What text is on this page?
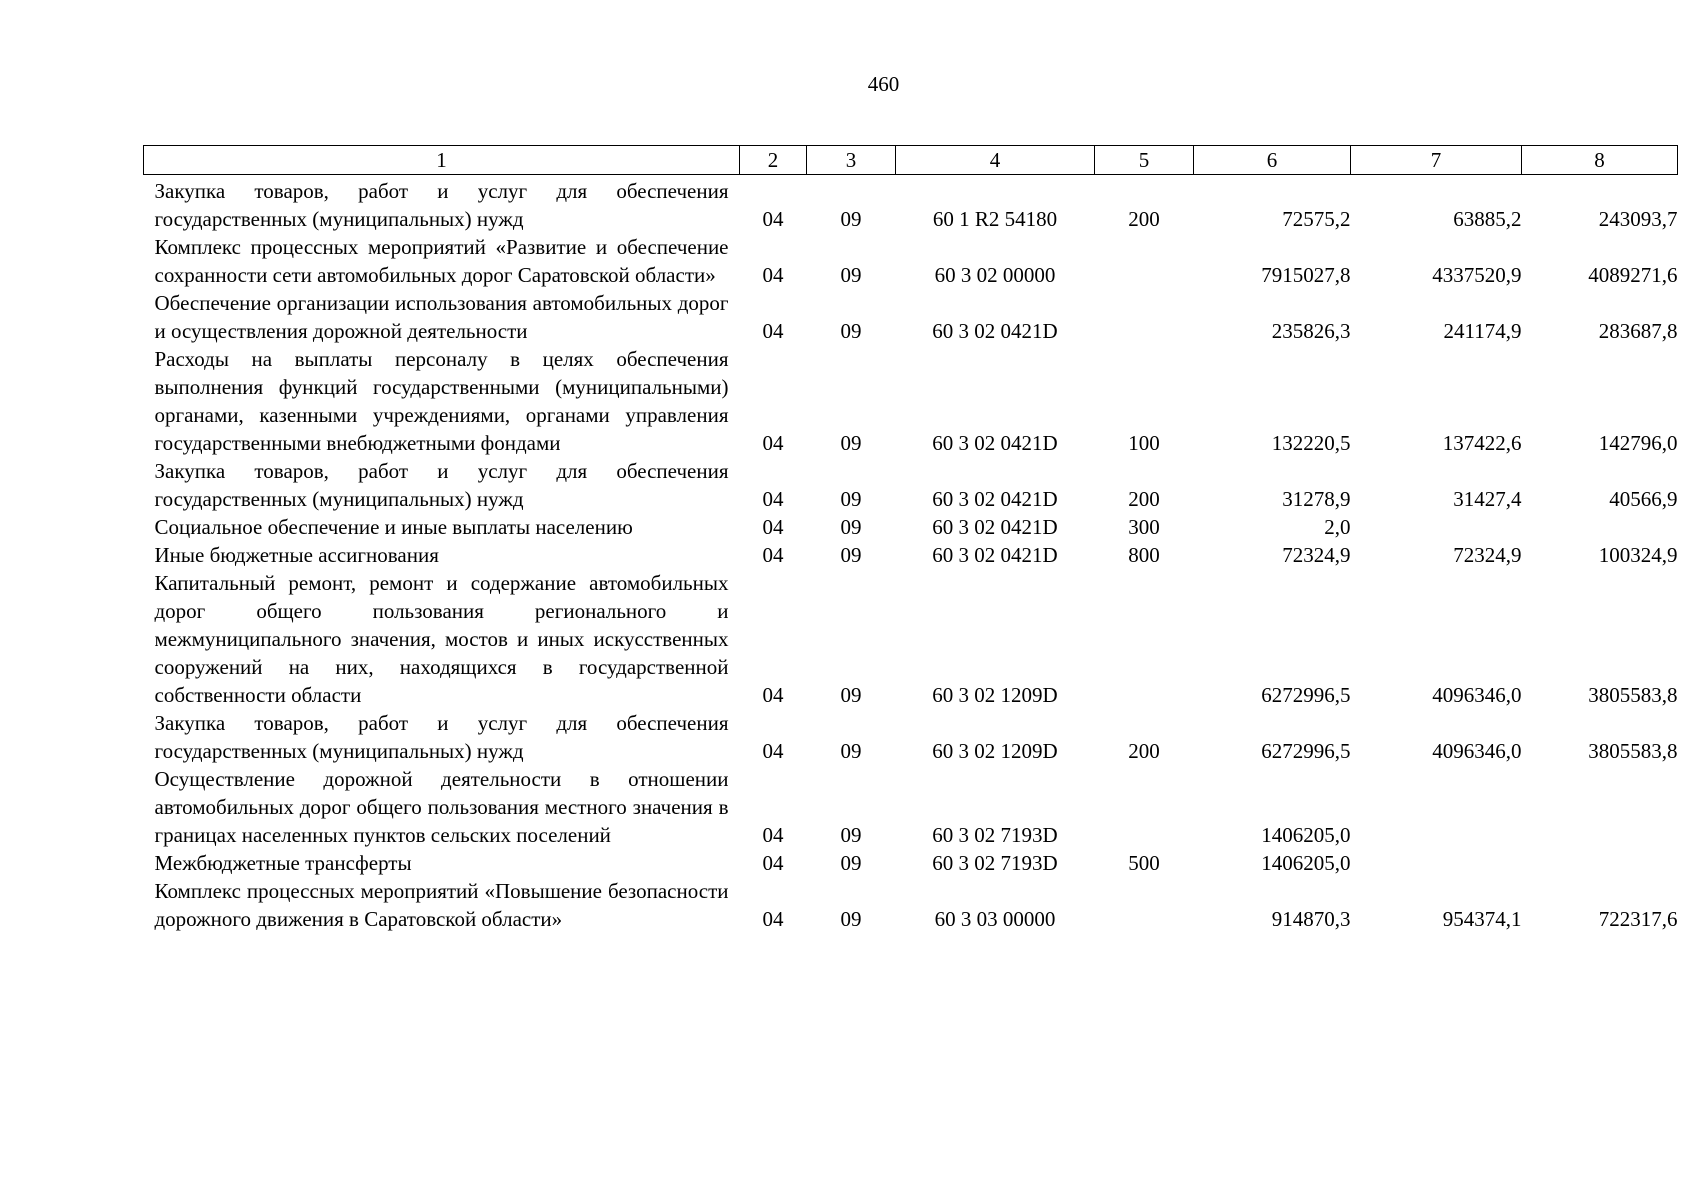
460
1	2	3	4	5	6	7	8
Закупка товаров, работ и услуг для обеспечения государственных (муниципальных) нужд	04	09	60 1 R2 54180	200	72575,2	63885,2	243093,7
Комплекс процессных мероприятий «Развитие и обеспечение сохранности сети автомобильных дорог Саратовской области»	04	09	60 3 02 00000		7915027,8	4337520,9	4089271,6
Обеспечение организации использования автомобильных дорог и осуществления дорожной деятельности	04	09	60 3 02 0421D		235826,3	241174,9	283687,8
Расходы на выплаты персоналу в целях обеспечения выполнения функций государственными (муниципальными) органами, казенными учреждениями, органами управления государственными внебюджетными фондами	04	09	60 3 02 0421D	100	132220,5	137422,6	142796,0
Закупка товаров, работ и услуг для обеспечения государственных (муниципальных) нужд	04	09	60 3 02 0421D	200	31278,9	31427,4	40566,9
Социальное обеспечение и иные выплаты населению	04	09	60 3 02 0421D	300	2,0		
Иные бюджетные ассигнования	04	09	60 3 02 0421D	800	72324,9	72324,9	100324,9
Капитальный ремонт, ремонт и содержание автомобильных дорог общего пользования регионального и межмуниципального значения, мостов и иных искусственных сооружений на них, находящихся в государственной собственности области	04	09	60 3 02 1209D		6272996,5	4096346,0	3805583,8
Закупка товаров, работ и услуг для обеспечения государственных (муниципальных) нужд	04	09	60 3 02 1209D	200	6272996,5	4096346,0	3805583,8
Осуществление дорожной деятельности в отношении автомобильных дорог общего пользования местного значения в границах населенных пунктов сельских поселений	04	09	60 3 02 7193D		1406205,0		
Межбюджетные трансферты	04	09	60 3 02 7193D	500	1406205,0		
Комплекс процессных мероприятий «Повышение безопасности дорожного движения в Саратовской области»	04	09	60 3 03 00000		914870,3	954374,1	722317,6
